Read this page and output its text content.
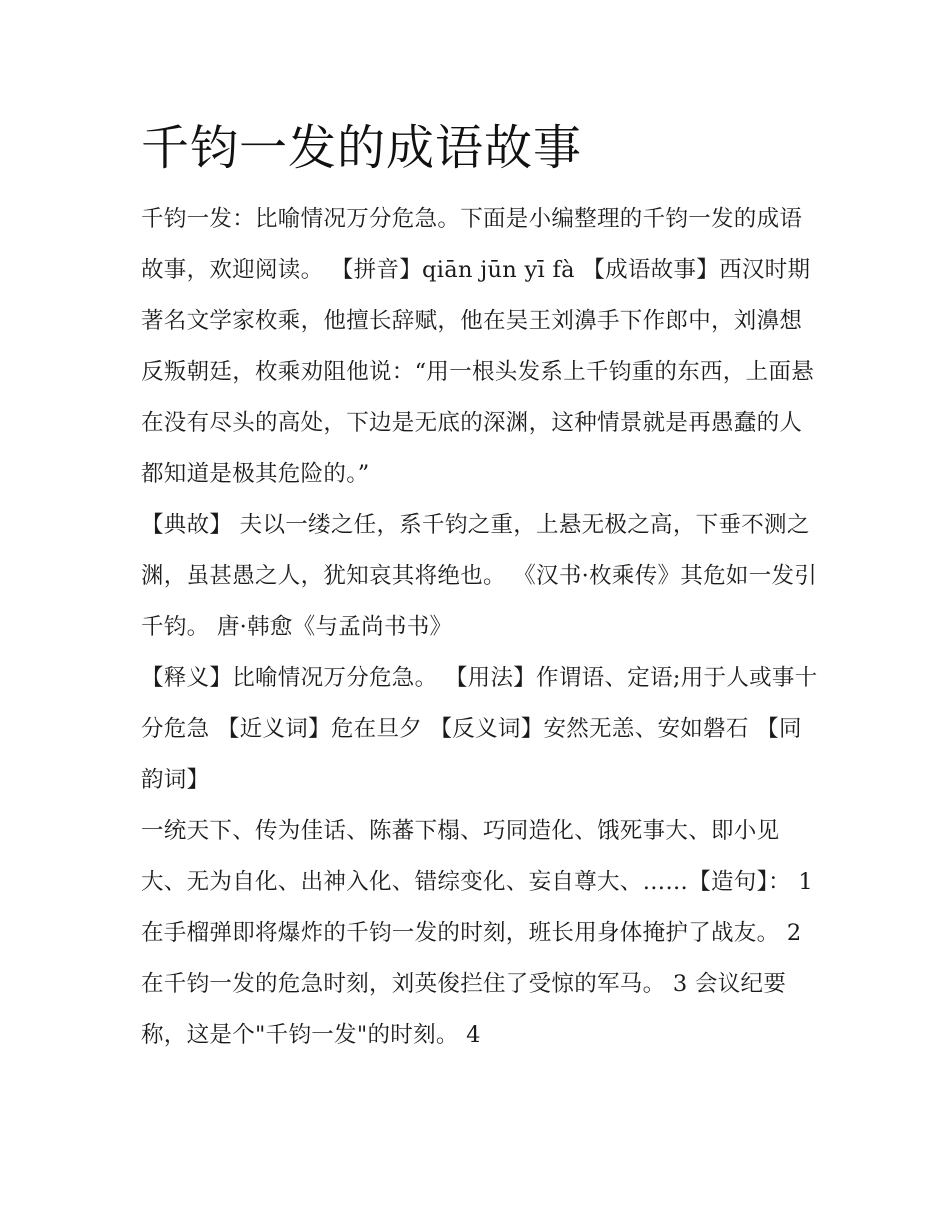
千钧一发的成语故事

千钧一发：比喻情况万分危急。下面是小编整理的千钧一发的成语故事，欢迎阅读。 【拼音】qiān jūn yī fà 【成语故事】西汉时期著名文学家枚乘，他擅长辞赋，他在吴王刘濞手下作郎中，刘濞想反叛朝廷，枚乘劝阻他说：“用一根头发系上千钧重的东西，上面悬在没有尽头的高处，下边是无底的深渊，这种情景就是再愚蠢的人都知道是极其危险的。”

【典故】 夫以一缕之任，系千钧之重，上悬无极之高，下垂不测之渊，虽甚愚之人，犹知哀其将绝也。 《汉书·枚乘传》其危如一发引千钧。 唐·韩愈《与孟尚书书》

【释义】比喻情况万分危急。 【用法】作谓语、定语;用于人或事十分危急 【近义词】危在旦夕 【反义词】安然无恙、安如磐石 【同韵词】

一统天下、传为佳话、陈蕃下榻、巧同造化、饿死事大、即小见大、无为自化、出神入化、错综变化、妄自尊大、……【造句】： 1

在手榴弹即将爆炸的千钧一发的时刻，班长用身体掩护了战友。 2 在千钧一发的危急时刻，刘英俊拦住了受惊的军马。 3 会议纪要称，这是个"千钧一发"的时刻。 4
